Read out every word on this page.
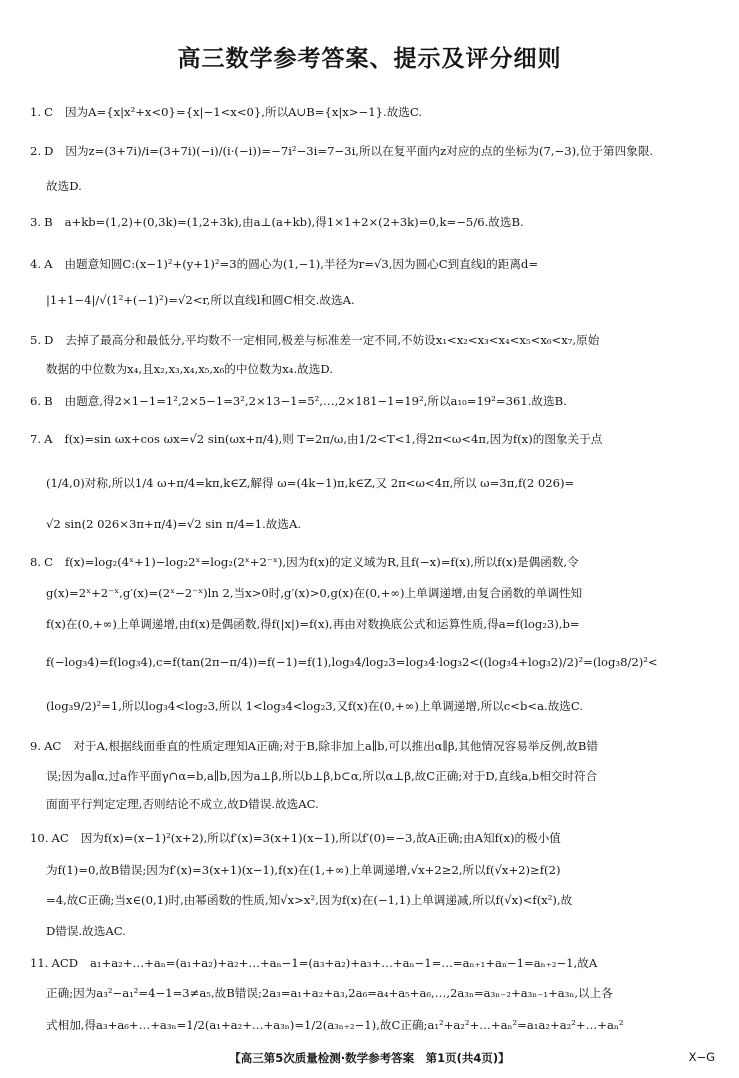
高三数学参考答案、提示及评分细则
1. C 因为A={x|x²+x<0}={x|−1<x<0},所以A∪B={x|x>−1}.故选C.
2. D 因为z=(3+7i)/i=(3+7i)(−i)/(i·(−i))=−7i²−3i=7−3i,所以在复平面内z对应的点的坐标为(7,−3),位于第四象限.
故选D.
3. B a+kb=(1,2)+(0,3k)=(1,2+3k),由a⊥(a+kb),得1×1+2×(2+3k)=0,k=−5/6.故选B.
4. A 由题意知圆C:(x−1)²+(y+1)²=3的圆心为(1,−1),半径为r=√3,因为圆心C到直线l的距离d=
|1+1−4|/√(1²+(−1)²)=√2<r,所以直线l和圆C相交.故选A.
5. D 去掉了最高分和最低分,平均数不一定相同,极差与标准差一定不同,不妨设x₁<x₂<x₃<x₄<x₅<x₆<x₇,原始
数据的中位数为x₄,且x₂,x₃,x₄,x₅,x₆的中位数为x₄.故选D.
6. B 由题意,得2×1−1=1²,2×5−1=3²,2×13−1=5²,…,2×181−1=19²,所以a₁₀=19²=361.故选B.
7. A f(x)=sin ωx+cos ωx=√2 sin(ωx+π/4),则 T=2π/ω,由1/2<T<1,得2π<ω<4π,因为f(x)的图象关于点
(1/4,0)对称,所以1/4 ω+π/4=kπ,k∈Z,解得 ω=(4k−1)π,k∈Z,又 2π<ω<4π,所以 ω=3π,f(2 026)=
√2 sin(2 026×3π+π/4)=√2 sin π/4=1.故选A.
8. C f(x)=log₂(4ˣ+1)−log₂2ˣ=log₂(2ˣ+2⁻ˣ),因为f(x)的定义域为R,且f(−x)=f(x),所以f(x)是偶函数,令
g(x)=2ˣ+2⁻ˣ,g′(x)=(2ˣ−2⁻ˣ)ln 2,当x>0时,g′(x)>0,g(x)在(0,+∞)上单调递增,由复合函数的单调性知
f(x)在(0,+∞)上单调递增,由f(x)是偶函数,得f(|x|)=f(x),再由对数换底公式和运算性质,得a=f(log₂3),b=
f(−log₃4)=f(log₃4),c=f(tan(2π−π/4))=f(−1)=f(1),log₃4/log₂3=log₃4·log₃2<((log₃4+log₃2)/2)²=(log₃8/2)²<
(log₃9/2)²=1,所以log₃4<log₂3,所以 1<log₃4<log₂3,又f(x)在(0,+∞)上单调递增,所以c<b<a.故选C.
9. AC 对于A,根据线面垂直的性质定理知A正确;对于B,除非加上a∥b,可以推出α∥β,其他情况容易举反例,故B错
误;因为a∥α,过a作平面γ∩α=b,a∥b,因为a⊥β,所以b⊥β,b⊂α,所以α⊥β,故C正确;对于D,直线a,b相交时符合
面面平行判定定理,否则结论不成立,故D错误.故选AC.
10. AC 因为f(x)=(x−1)²(x+2),所以f′(x)=3(x+1)(x−1),所以f′(0)=−3,故A正确;由A知f(x)的极小值
为f(1)=0,故B错误;因为f′(x)=3(x+1)(x−1),f(x)在(1,+∞)上单调递增,√x+2≥2,所以f(√x+2)≥f(2)
=4,故C正确;当x∈(0,1)时,由幂函数的性质,知√x>x²,因为f(x)在(−1,1)上单调递减,所以f(√x)<f(x²),故
D错误.故选AC.
11. ACD a₁+a₂+…+aₙ=(a₁+a₂)+a₂+…+aₙ−1=(a₃+a₂)+a₃+…+aₙ−1=…=aₙ₊₁+aₙ−1=aₙ₊₂−1,故A
正确;因为a₃²−a₁²=4−1=3≠a₅,故B错误;2a₃=a₁+a₂+a₃,2a₆=a₄+a₅+a₆,…,2a₃ₙ=a₃ₙ₋₂+a₃ₙ₋₁+a₃ₙ,以上各
式相加,得a₃+a₆+…+a₃ₙ=1/2(a₁+a₂+…+a₃ₙ)=1/2(a₃ₙ₊₂−1),故C正确;a₁²+a₂²+…+aₙ²=a₁a₂+a₂²+…+aₙ²
【高三第5次质量检测·数学参考答案　第1页(共4页)】	X−G
